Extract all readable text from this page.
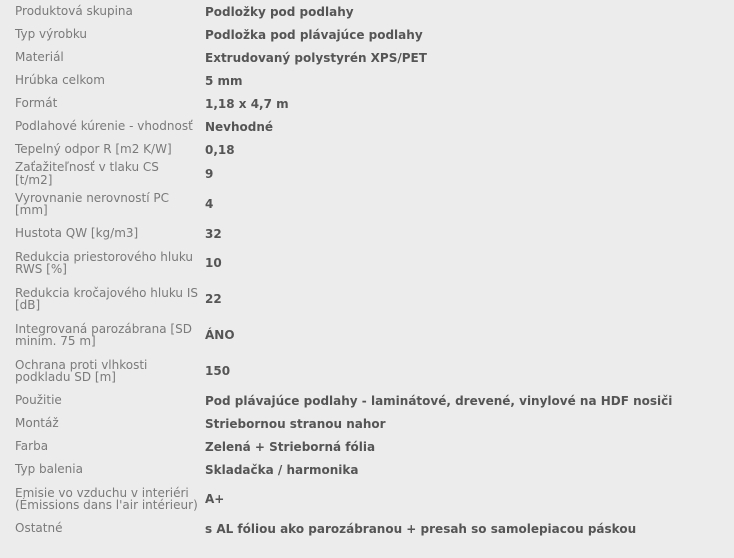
Produktová skupina	Podložky pod podlahy

Typ výrobku	Podložka pod plávajúce podlahy

Materiál	Extrudovaný polystyrén XPS/PET

Hrúbka celkom	5 mm

Formát	1,18 x 4,7 m

Podlahové kúrenie - vhodnosť	Nevhodné

Tepelný odpor R [m2 K/W]	0,18

Zaťažiteľnosť v tlaku CS [t/m2]	9

Vyrovnanie nerovností PC [mm]	4

Hustota QW [kg/m3]	32

Redukcia priestorového hluku RWS [%]	10

Redukcia kročajového hluku IS [dB]	22

Integrovaná parozábrana [SD minim. 75 m]	ÁNO

Ochrana proti vlhkosti podkladu SD [m]	150

Použitie	Pod plávajúce podlahy - laminátové, drevené, vinylové na HDF nosiči

Montáž	Striebornou stranou nahor

Farba	Zelená + Strieborná fólia

Typ balenia	Skladačka / harmonika

Emisie vo vzduchu v interiéri (Émissions dans l'air intérieur)	A+

Ostatné	s AL fóliou ako parozábranou + presah so samolepiacou páskou
